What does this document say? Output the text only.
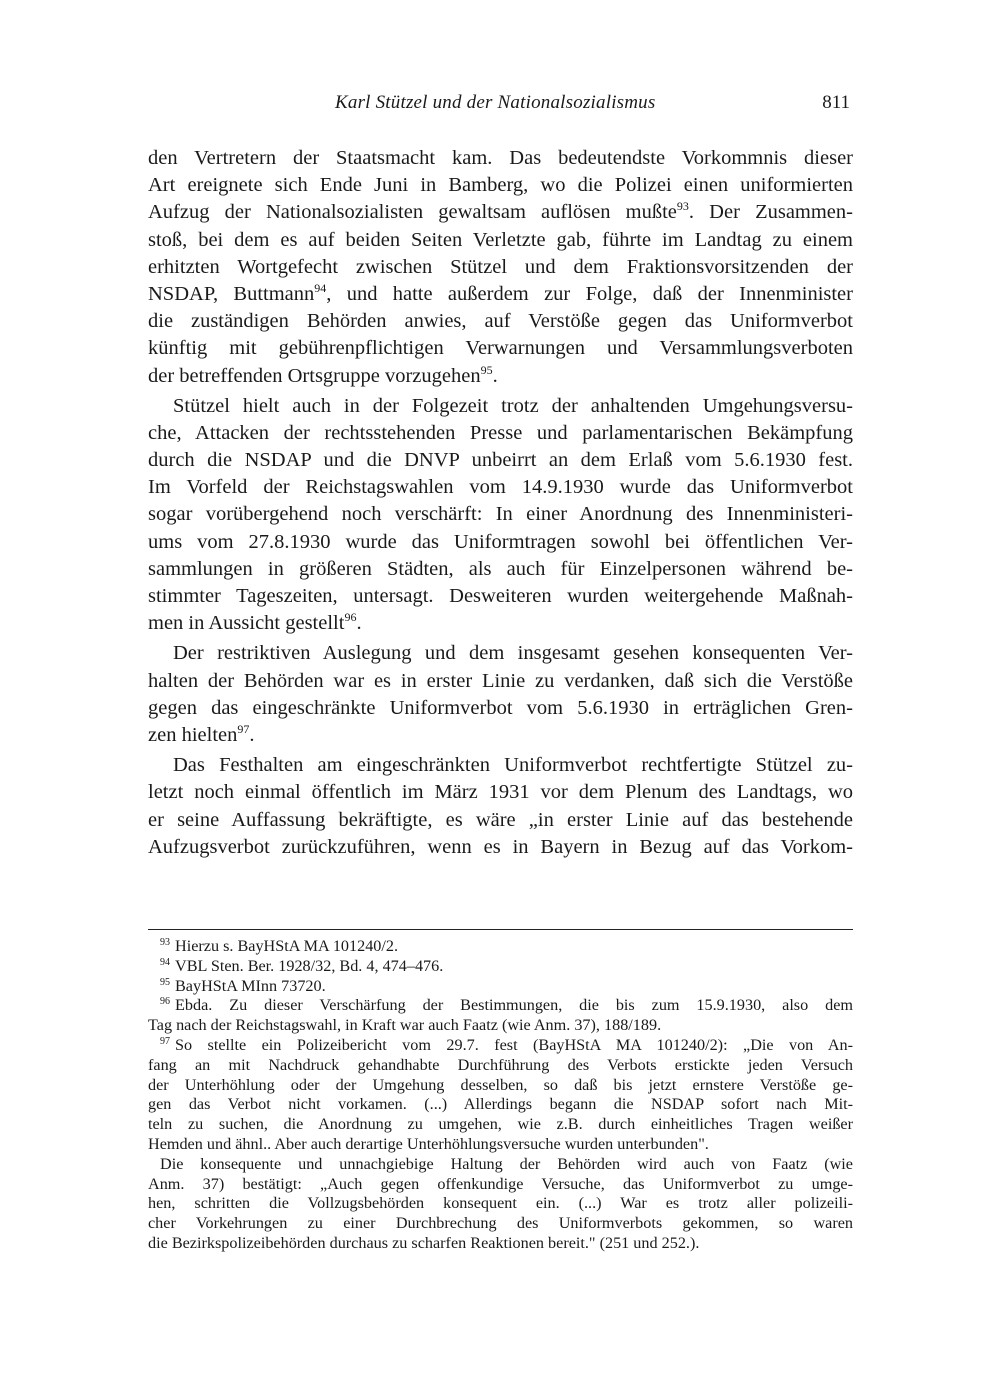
Karl Stützel und der Nationalsozialismus	811
den Vertretern der Staatsmacht kam. Das bedeutendste Vorkommnis dieser
Art ereignete sich Ende Juni in Bamberg, wo die Polizei einen uniformierten
Aufzug der Nationalsozialisten gewaltsam auflösen mußte$^{93}$. Der Zusammen-
stoß, bei dem es auf beiden Seiten Verletzte gab, führte im Landtag zu einem
erhitzten Wortgefecht zwischen Stützel und dem Fraktionsvorsitzenden der
NSDAP, Buttmann$^{94}$, und hatte außerdem zur Folge, daß der Innenminister
die zuständigen Behörden anwies, auf Verstöße gegen das Uniformverbot
künftig mit gebührenpflichtigen Verwarnungen und Versammlungsverboten
der betreffenden Ortsgruppe vorzugehen$^{95}$.
Stützel hielt auch in der Folgezeit trotz der anhaltenden Umgehungsversu-
che, Attacken der rechtsstehenden Presse und parlamentarischen Bekämpfung
durch die NSDAP und die DNVP unbeirrt an dem Erlaß vom 5.6.1930 fest.
Im Vorfeld der Reichstagswahlen vom 14.9.1930 wurde das Uniformverbot
sogar vorübergehend noch verschärft: In einer Anordnung des Innenministeri-
ums vom 27.8.1930 wurde das Uniformtragen sowohl bei öffentlichen Ver-
sammlungen in größeren Städten, als auch für Einzelpersonen während be-
stimmter Tageszeiten, untersagt. Desweiteren wurden weitergehende Maßnah-
men in Aussicht gestellt$^{96}$.
Der restriktiven Auslegung und dem insgesamt gesehen konsequenten Ver-
halten der Behörden war es in erster Linie zu verdanken, daß sich die Verstöße
gegen das eingeschränkte Uniformverbot vom 5.6.1930 in erträglichen Gren-
zen hielten$^{97}$.
Das Festhalten am eingeschränkten Uniformverbot rechtfertigte Stützel zu-
letzt noch einmal öffentlich im März 1931 vor dem Plenum des Landtags, wo
er seine Auffassung bekräftigte, es wäre „in erster Linie auf das bestehende
Aufzugsverbot zurückzuführen, wenn es in Bayern in Bezug auf das Vorkom-
$^{93}$ Hierzu s. BayHStA MA 101240/2.
$^{94}$ VBL Sten. Ber. 1928/32, Bd. 4, 474–476.
$^{95}$ BayHStA MInn 73720.
$^{96}$ Ebda. Zu dieser Verschärfung der Bestimmungen, die bis zum 15.9.1930, also dem
Tag nach der Reichstagswahl, in Kraft war auch Faatz (wie Anm. 37), 188/189.
$^{97}$ So stellte ein Polizeibericht vom 29.7. fest (BayHStA MA 101240/2): „Die von An-
fang an mit Nachdruck gehandhabte Durchführung des Verbots erstickte jeden Versuch
der Unterhöhlung oder der Umgehung desselben, so daß bis jetzt ernstere Verstöße ge-
gen das Verbot nicht vorkamen. (...) Allerdings begann die NSDAP sofort nach Mit-
teln zu suchen, die Anordnung zu umgehen, wie z.B. durch einheitliches Tragen weißer
Hemden und ähnl.. Aber auch derartige Unterhöhlungsversuche wurden unterbunden".
Die konsequente und unnachgiebige Haltung der Behörden wird auch von Faatz (wie
Anm. 37) bestätigt: „Auch gegen offenkundige Versuche, das Uniformverbot zu umge-
hen, schritten die Vollzugsbehörden konsequent ein. (...) War es trotz aller polizeili-
cher Vorkehrungen zu einer Durchbrechung des Uniformverbots gekommen, so waren
die Bezirkspolizeibehörden durchaus zu scharfen Reaktionen bereit." (251 und 252.).
